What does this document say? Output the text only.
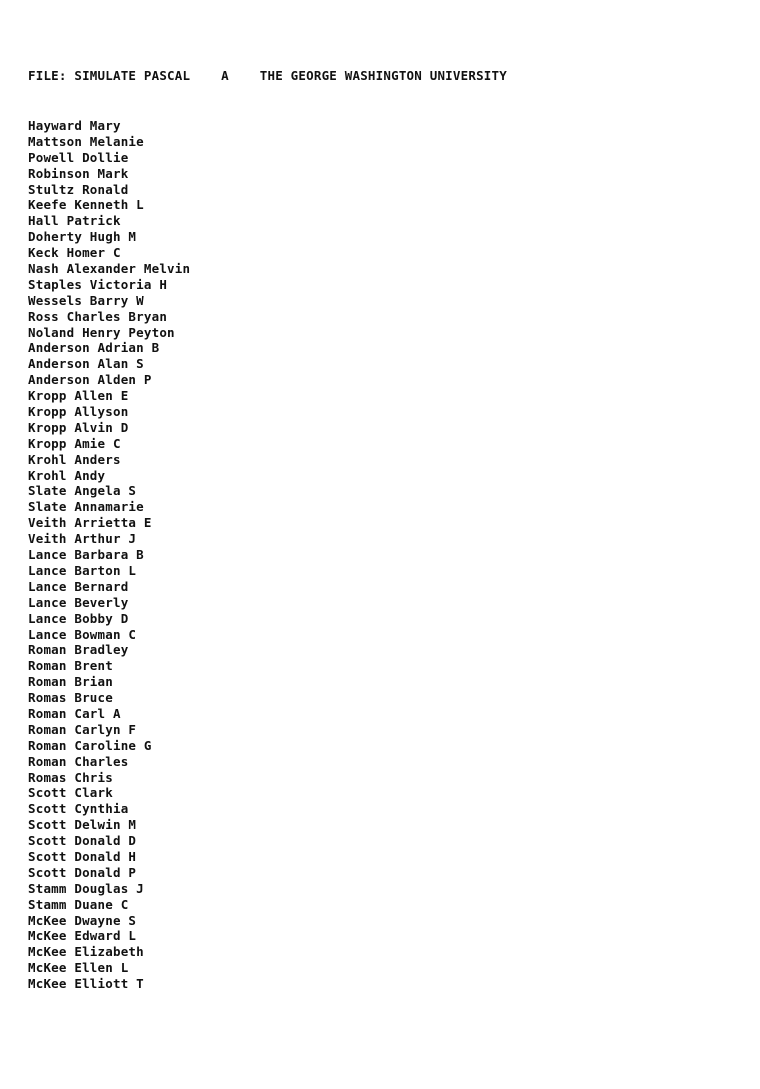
FILE: SIMULATE PASCAL    A    THE GEORGE WASHINGTON UNIVERSITY
Hayward Mary
Mattson Melanie
Powell Dollie
Robinson Mark
Stultz Ronald
Keefe Kenneth L
Hall Patrick
Doherty Hugh M
Keck Homer C
Nash Alexander Melvin
Staples Victoria H
Wessels Barry W
Ross Charles Bryan
Noland Henry Peyton
Anderson Adrian B
Anderson Alan S
Anderson Alden P
Kropp Allen E
Kropp Allyson
Kropp Alvin D
Kropp Amie C
Krohl Anders
Krohl Andy
Slate Angela S
Slate Annamarie
Veith Arrietta E
Veith Arthur J
Lance Barbara B
Lance Barton L
Lance Bernard
Lance Beverly
Lance Bobby D
Lance Bowman C
Roman Bradley
Roman Brent
Roman Brian
Romas Bruce
Roman Carl A
Roman Carlyn F
Roman Caroline G
Roman Charles
Romas Chris
Scott Clark
Scott Cynthia
Scott Delwin M
Scott Donald D
Scott Donald H
Scott Donald P
Stamm Douglas J
Stamm Duane C
McKee Dwayne S
McKee Edward L
McKee Elizabeth
McKee Ellen L
McKee Elliott T
